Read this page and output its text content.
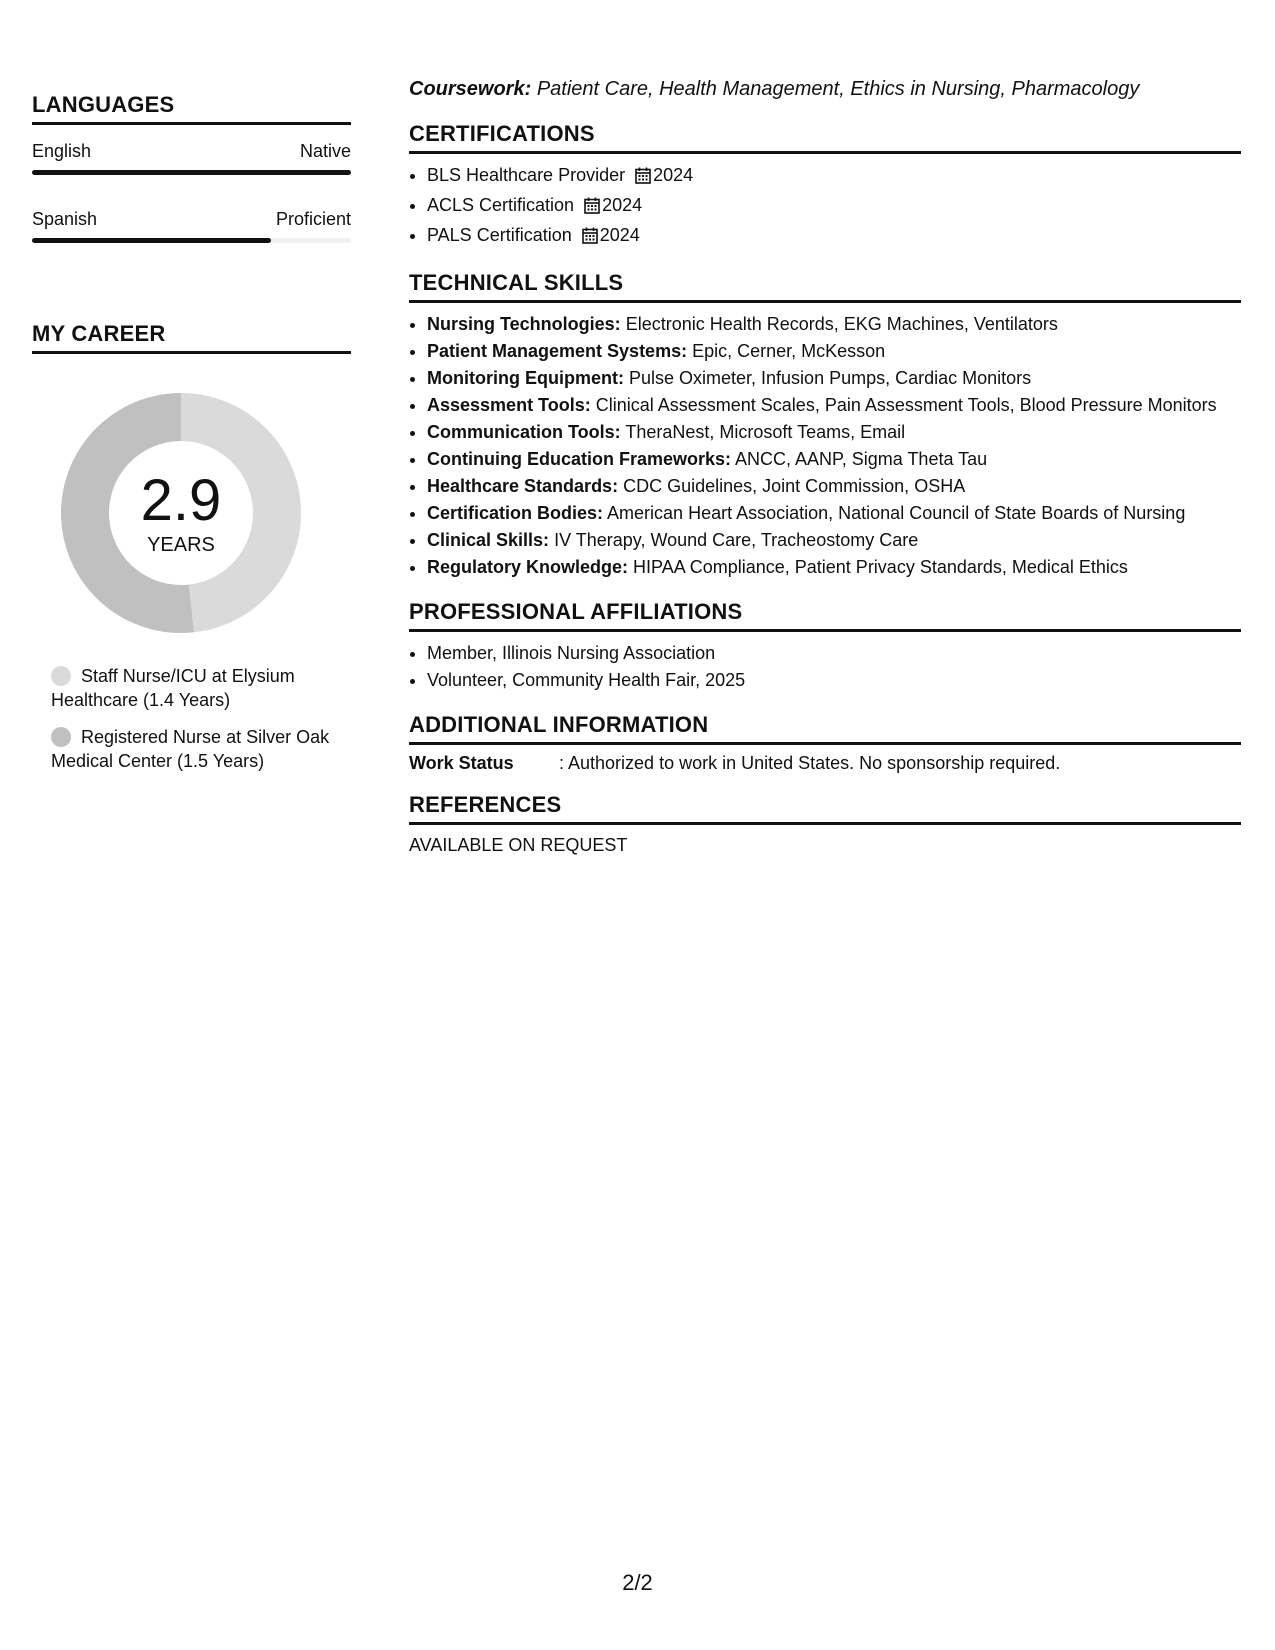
LANGUAGES
English	Native
Spanish	Proficient
MY CAREER
2.9
YEARS
Staff Nurse/ICU at Elysium Healthcare (1.4 Years)
Registered Nurse at Silver Oak Medical Center (1.5 Years)

Coursework: Patient Care, Health Management, Ethics in Nursing, Pharmacology

CERTIFICATIONS
• BLS Healthcare Provider 2024
• ACLS Certification 2024
• PALS Certification 2024
TECHNICAL SKILLS
• Nursing Technologies: Electronic Health Records, EKG Machines, Ventilators
• Patient Management Systems: Epic, Cerner, McKesson
• Monitoring Equipment: Pulse Oximeter, Infusion Pumps, Cardiac Monitors
• Assessment Tools: Clinical Assessment Scales, Pain Assessment Tools, Blood Pressure Monitors
• Communication Tools: TheraNest, Microsoft Teams, Email
• Continuing Education Frameworks: ANCC, AANP, Sigma Theta Tau
• Healthcare Standards: CDC Guidelines, Joint Commission, OSHA
• Certification Bodies: American Heart Association, National Council of State Boards of Nursing
• Clinical Skills: IV Therapy, Wound Care, Tracheostomy Care
• Regulatory Knowledge: HIPAA Compliance, Patient Privacy Standards, Medical Ethics
PROFESSIONAL AFFILIATIONS
• Member, Illinois Nursing Association
• Volunteer, Community Health Fair, 2025
ADDITIONAL INFORMATION
Work Status	: Authorized to work in United States. No sponsorship required.
REFERENCES
AVAILABLE ON REQUEST
2/2
